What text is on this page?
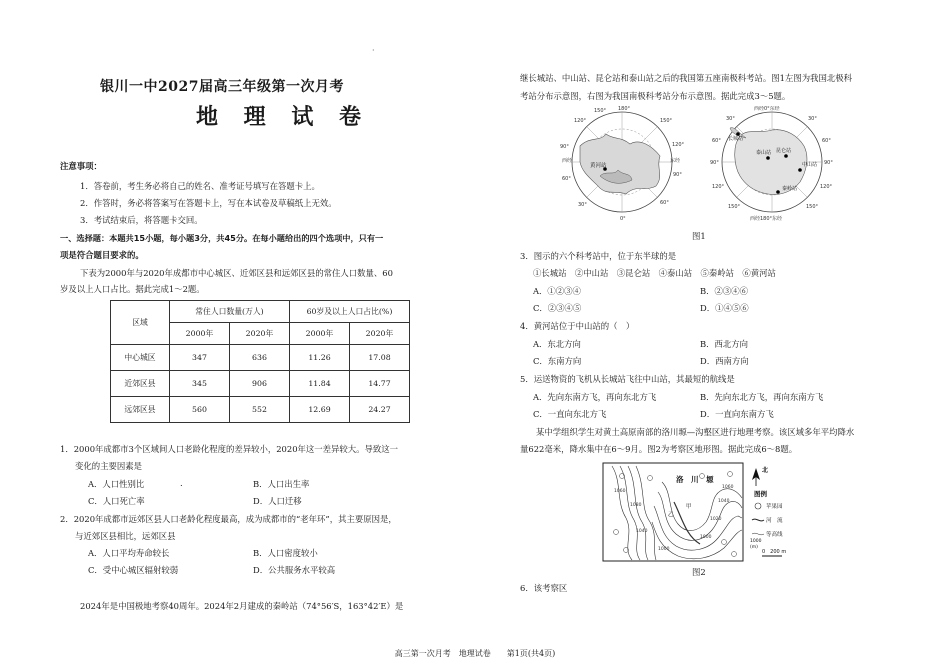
·
银川一中2027届高三年级第一次月考
地 理 试 卷
注意事项：
1．答卷前，考生务必将自己的姓名、准考证号填写在答题卡上。
2．作答时，务必将答案写在答题卡上，写在本试卷及草稿纸上无效。
3．考试结束后，将答题卡交回。
一、选择题：本题共15小题，每小题3分，共45分。在每小题给出的四个选项中，只有一
项是符合题目要求的。
下表为2000年与2020年成都市中心城区、近郊区县和远郊区县的常住人口数量、60
岁及以上人口占比。据此完成1～2题。
区域	常住人口数量(万人)		60岁及以上人口占比(%)	
	2000年	2020年	2000年	2020年
中心城区	347	636	11.26	17.08
近郊区县	345	906	11.84	14.77
远郊区县	560	552	12.69	24.27
1．2000年成都市3个区域间人口老龄化程度的差异较小，2020年这一差异较大。导致这一
变化的主要因素是
A．人口性别比	.	B．人口出生率
C．人口死亡率	D．人口迁移
2．2020年成都市远郊区县人口老龄化程度最高，成为成都市的“老年环”，其主要原因是，
与近郊区县相比，远郊区县
A．人口平均寿命较长	B．人口密度较小
C．受中心城区辐射较弱	D．公共服务水平较高
2024年是中国极地考察40周年。2024年2月建成的秦岭站（74°56′S，163°42′E）是
继长城站、中山站、昆仑站和泰山站之后的我国第五座南极科考站。图1左图为我国北极科
考站分布示意图，右图为我国南极科考站分布示意图。据此完成3～5题。
黄河站
180°
150°
120°
90°
60°
0°
30°
60°
90°
120°
150°
西经	东经
长城站
泰山站
中山站
昆仑站
秦岭站
西经0°东经
30°
60°
90°
120°
150°
西经180°东经
150°
120°
90°
60°
30°
图1
3．图示的六个科考站中，位于东半球的是
①长城站　②中山站　③昆仑站　④泰山站　⑤秦岭站　⑥黄河站
A．①②③④	B．②③④⑥
C．②③④⑤	D．①④⑤⑥
4．黄河站位于中山站的（　）
A．东北方向	B．西北方向
C．东南方向	D．西南方向
5．运送物资的飞机从长城站飞往中山站，其最短的航线是
A．先向东南方飞，再向东北方飞	B．先向东北方飞，再向东南方飞
C．一直向东北方飞	D．一直向东南方飞
某中学组织学生对黄土高原南部的洛川塬—沟壑区进行地理考察。该区域多年平均降水
量622毫米，降水集中在6～9月。图2为考察区地形图。据此完成6～8题。
洛　川　塬
甲
乙
1060
1080
1040
1000
1020
1000
1040
1060
北
图例
苹果园
河　流
等高线
1000
(m)
0　200 m
图2
6．该考察区
高三第一次月考　地理试卷　　第1页(共4页)
